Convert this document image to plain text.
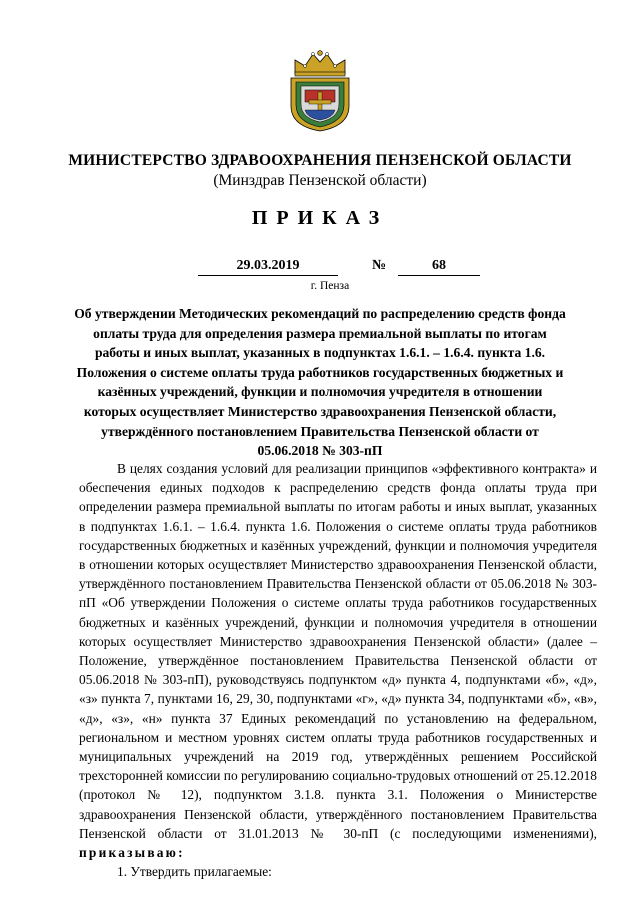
МИНИСТЕРСТВО ЗДРАВООХРАНЕНИЯ ПЕНЗЕНСКОЙ ОБЛАСТИ
(Минздрав Пензенской области)
ПРИКАЗ
29.03.2019	№	68
г. Пенза
Об утверждении Методических рекомендаций по распределению средств фонда оплаты труда для определения размера премиальной выплаты по итогам работы и иных выплат, указанных в подпунктах 1.6.1. – 1.6.4. пункта 1.6. Положения о системе оплаты труда работников государственных бюджетных и казённых учреждений, функции и полномочия учредителя в отношении которых осуществляет Министерство здравоохранения Пензенской области, утверждённого постановлением Правительства Пензенской области от 05.06.2018 № 303-пП

В целях создания условий для реализации принципов «эффективного контракта» и обеспечения единых подходов к распределению средств фонда оплаты труда при определении размера премиальной выплаты по итогам работы и иных выплат, указанных в подпунктах 1.6.1. – 1.6.4. пункта 1.6. Положения о системе оплаты труда работников государственных бюджетных и казённых учреждений, функции и полномочия учредителя в отношении которых осуществляет Министерство здравоохранения Пензенской области, утверждённого постановлением Правительства Пензенской области от 05.06.2018 № 303-пП «Об утверждении Положения о системе оплаты труда работников государственных бюджетных и казённых учреждений, функции и полномочия учредителя в отношении которых осуществляет Министерство здравоохранения Пензенской области» (далее – Положение, утверждённое постановлением Правительства Пензенской области от 05.06.2018 № 303-пП), руководствуясь подпунктом «д» пункта 4, подпунктами «б», «д», «з» пункта 7, пунктами 16, 29, 30, подпунктами «г», «д» пункта 34, подпунктами «б», «в», «д», «з», «н» пункта 37 Единых рекомендаций по установлению на федеральном, региональном и местном уровнях систем оплаты труда работников государственных и муниципальных учреждений на 2019 год, утверждённых решением Российской трехсторонней комиссии по регулированию социально-трудовых отношений от 25.12.2018 (протокол № 12), подпунктом 3.1.8. пункта 3.1. Положения о Министерстве здравоохранения Пензенской области, утверждённого постановлением Правительства Пензенской области от 31.01.2013 № 30-пП (с последующими изменениями), приказываю:

1. Утвердить прилагаемые:
